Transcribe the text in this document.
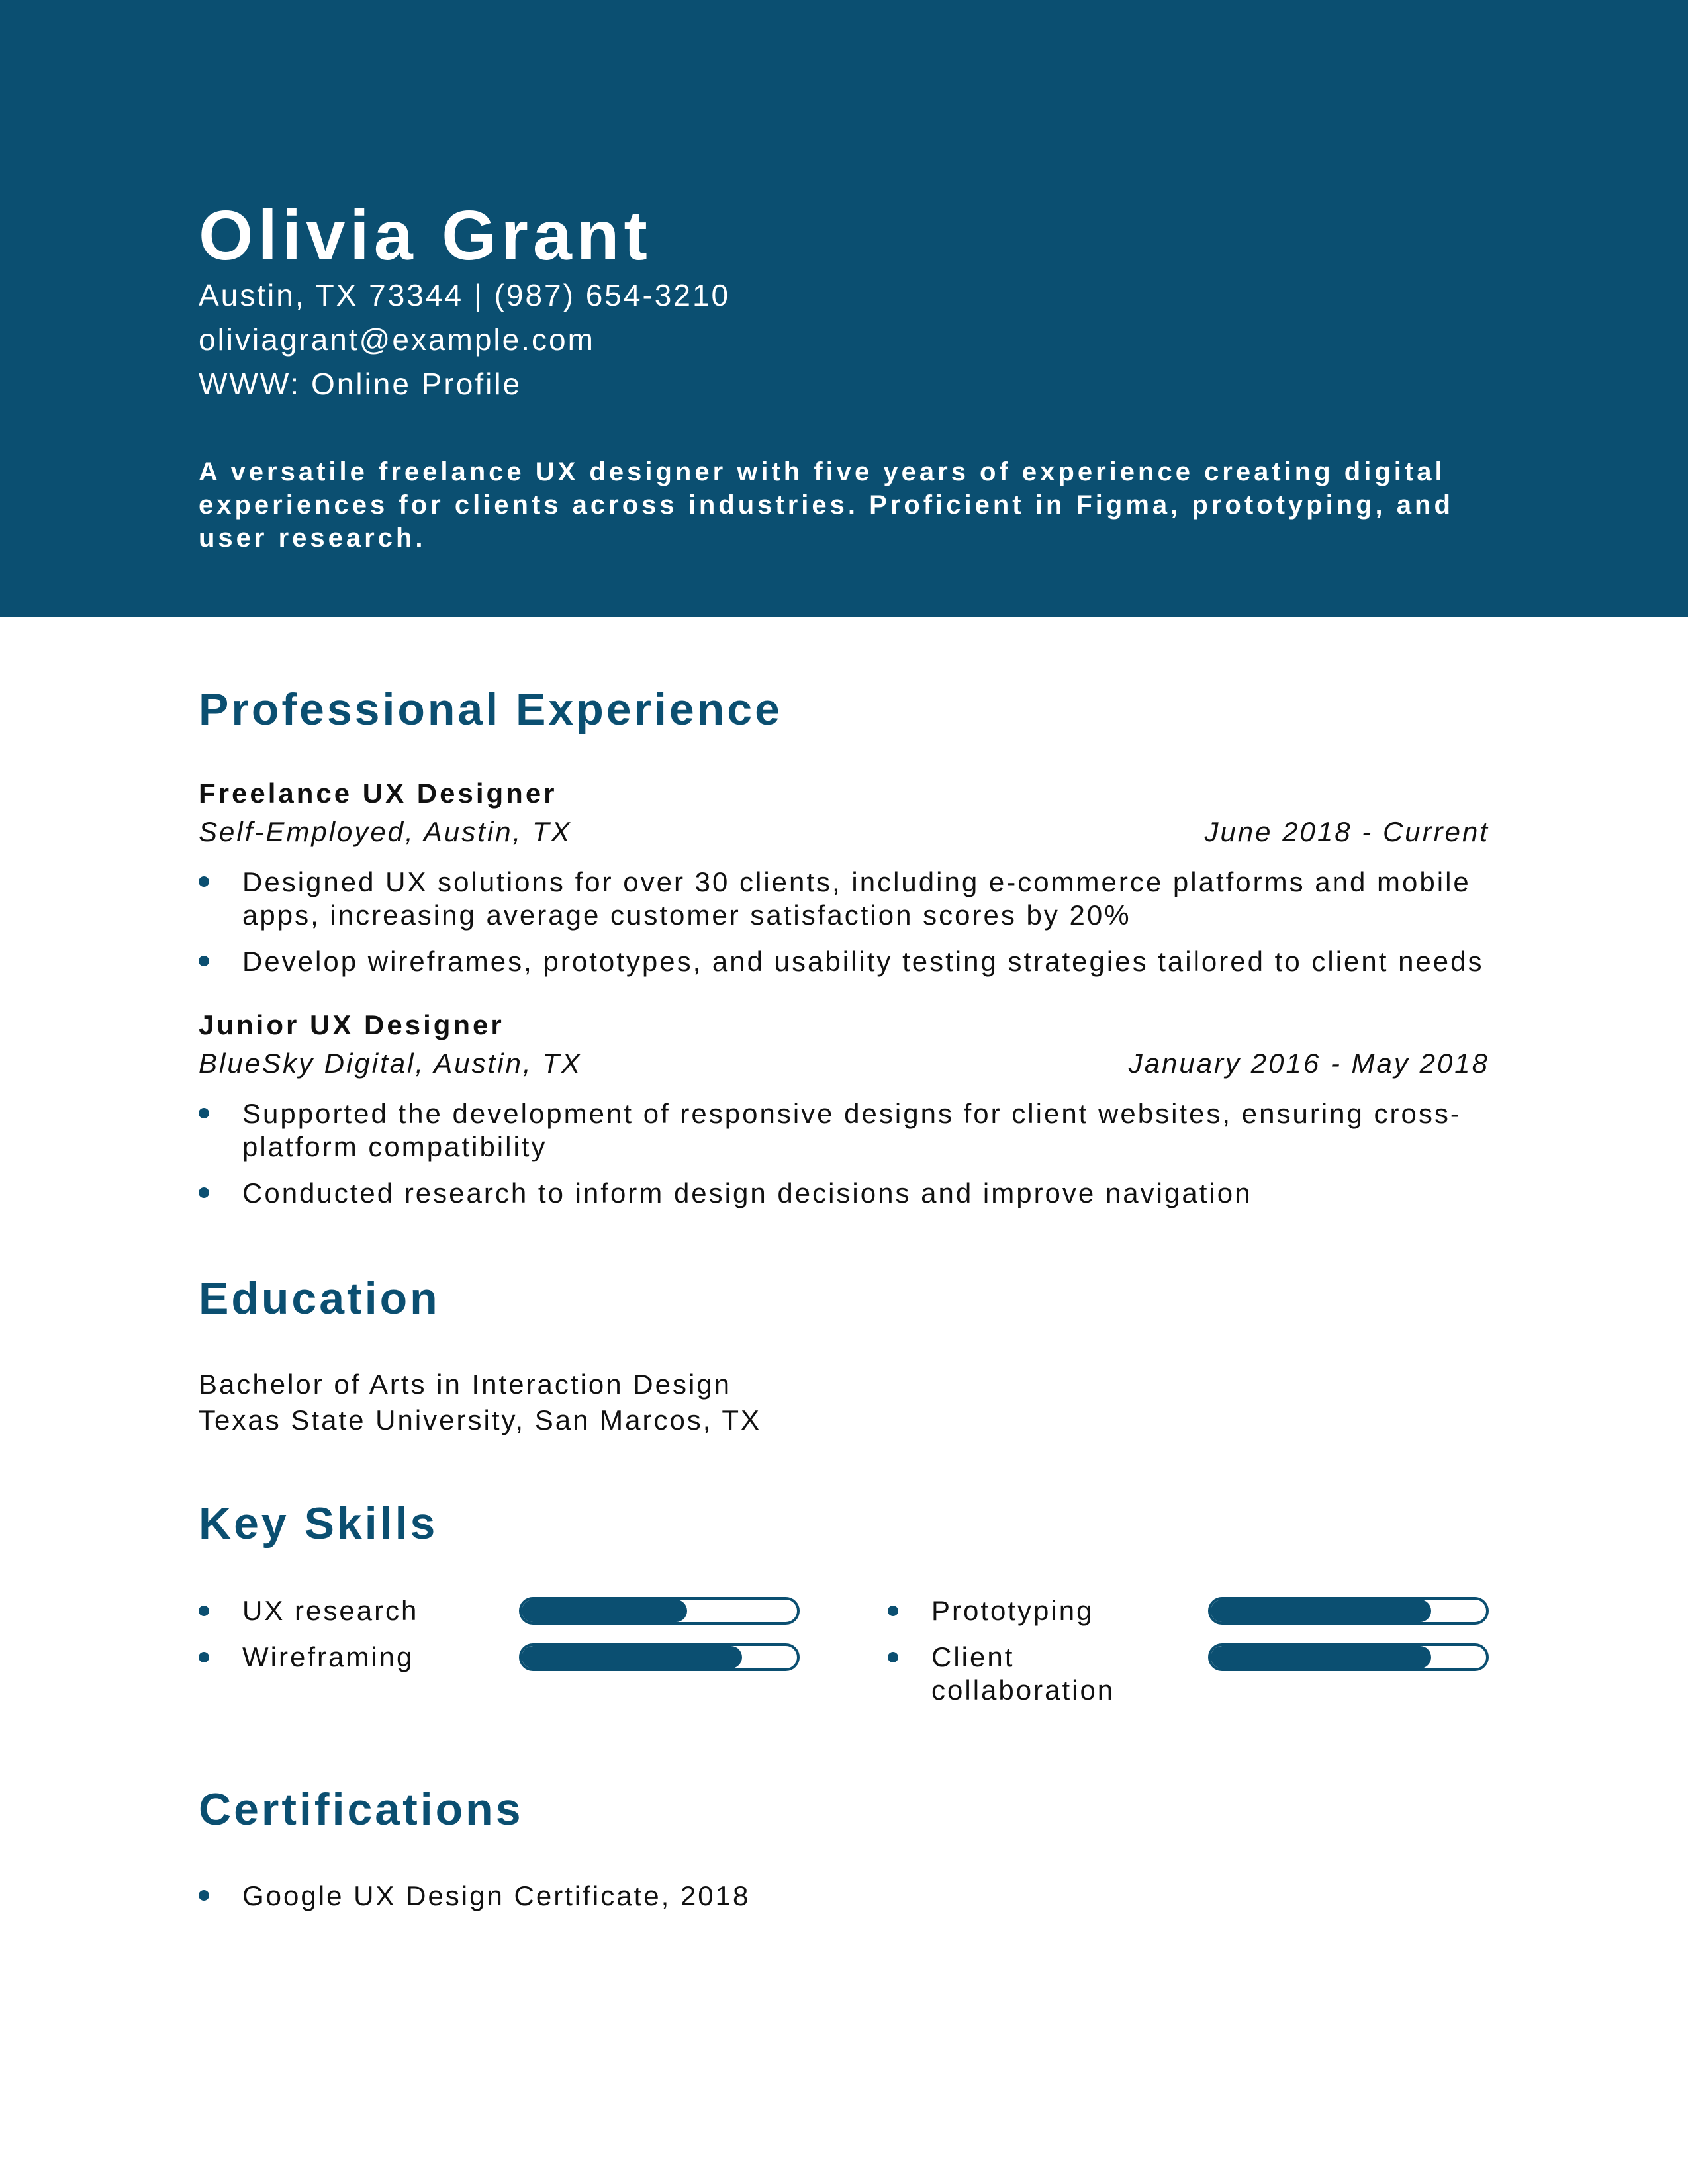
Olivia Grant
Austin, TX 73344 | (987) 654-3210
oliviagrant@example.com
WWW: Online Profile
A versatile freelance UX designer with five years of experience creating digital experiences for clients across industries. Proficient in Figma, prototyping, and user research.
Professional Experience
Freelance UX Designer
Self-Employed, Austin, TX	June 2018 - Current
Designed UX solutions for over 30 clients, including e-commerce platforms and mobile apps, increasing average customer satisfaction scores by 20%
Develop wireframes, prototypes, and usability testing strategies tailored to client needs
Junior UX Designer
BlueSky Digital, Austin, TX	January 2016 - May 2018
Supported the development of responsive designs for client websites, ensuring cross-platform compatibility
Conducted research to inform design decisions and improve navigation
Education
Bachelor of Arts in Interaction Design
Texas State University, San Marcos, TX
Key Skills
UX research	Prototyping
Wireframing	Client collaboration
Certifications
Google UX Design Certificate, 2018
